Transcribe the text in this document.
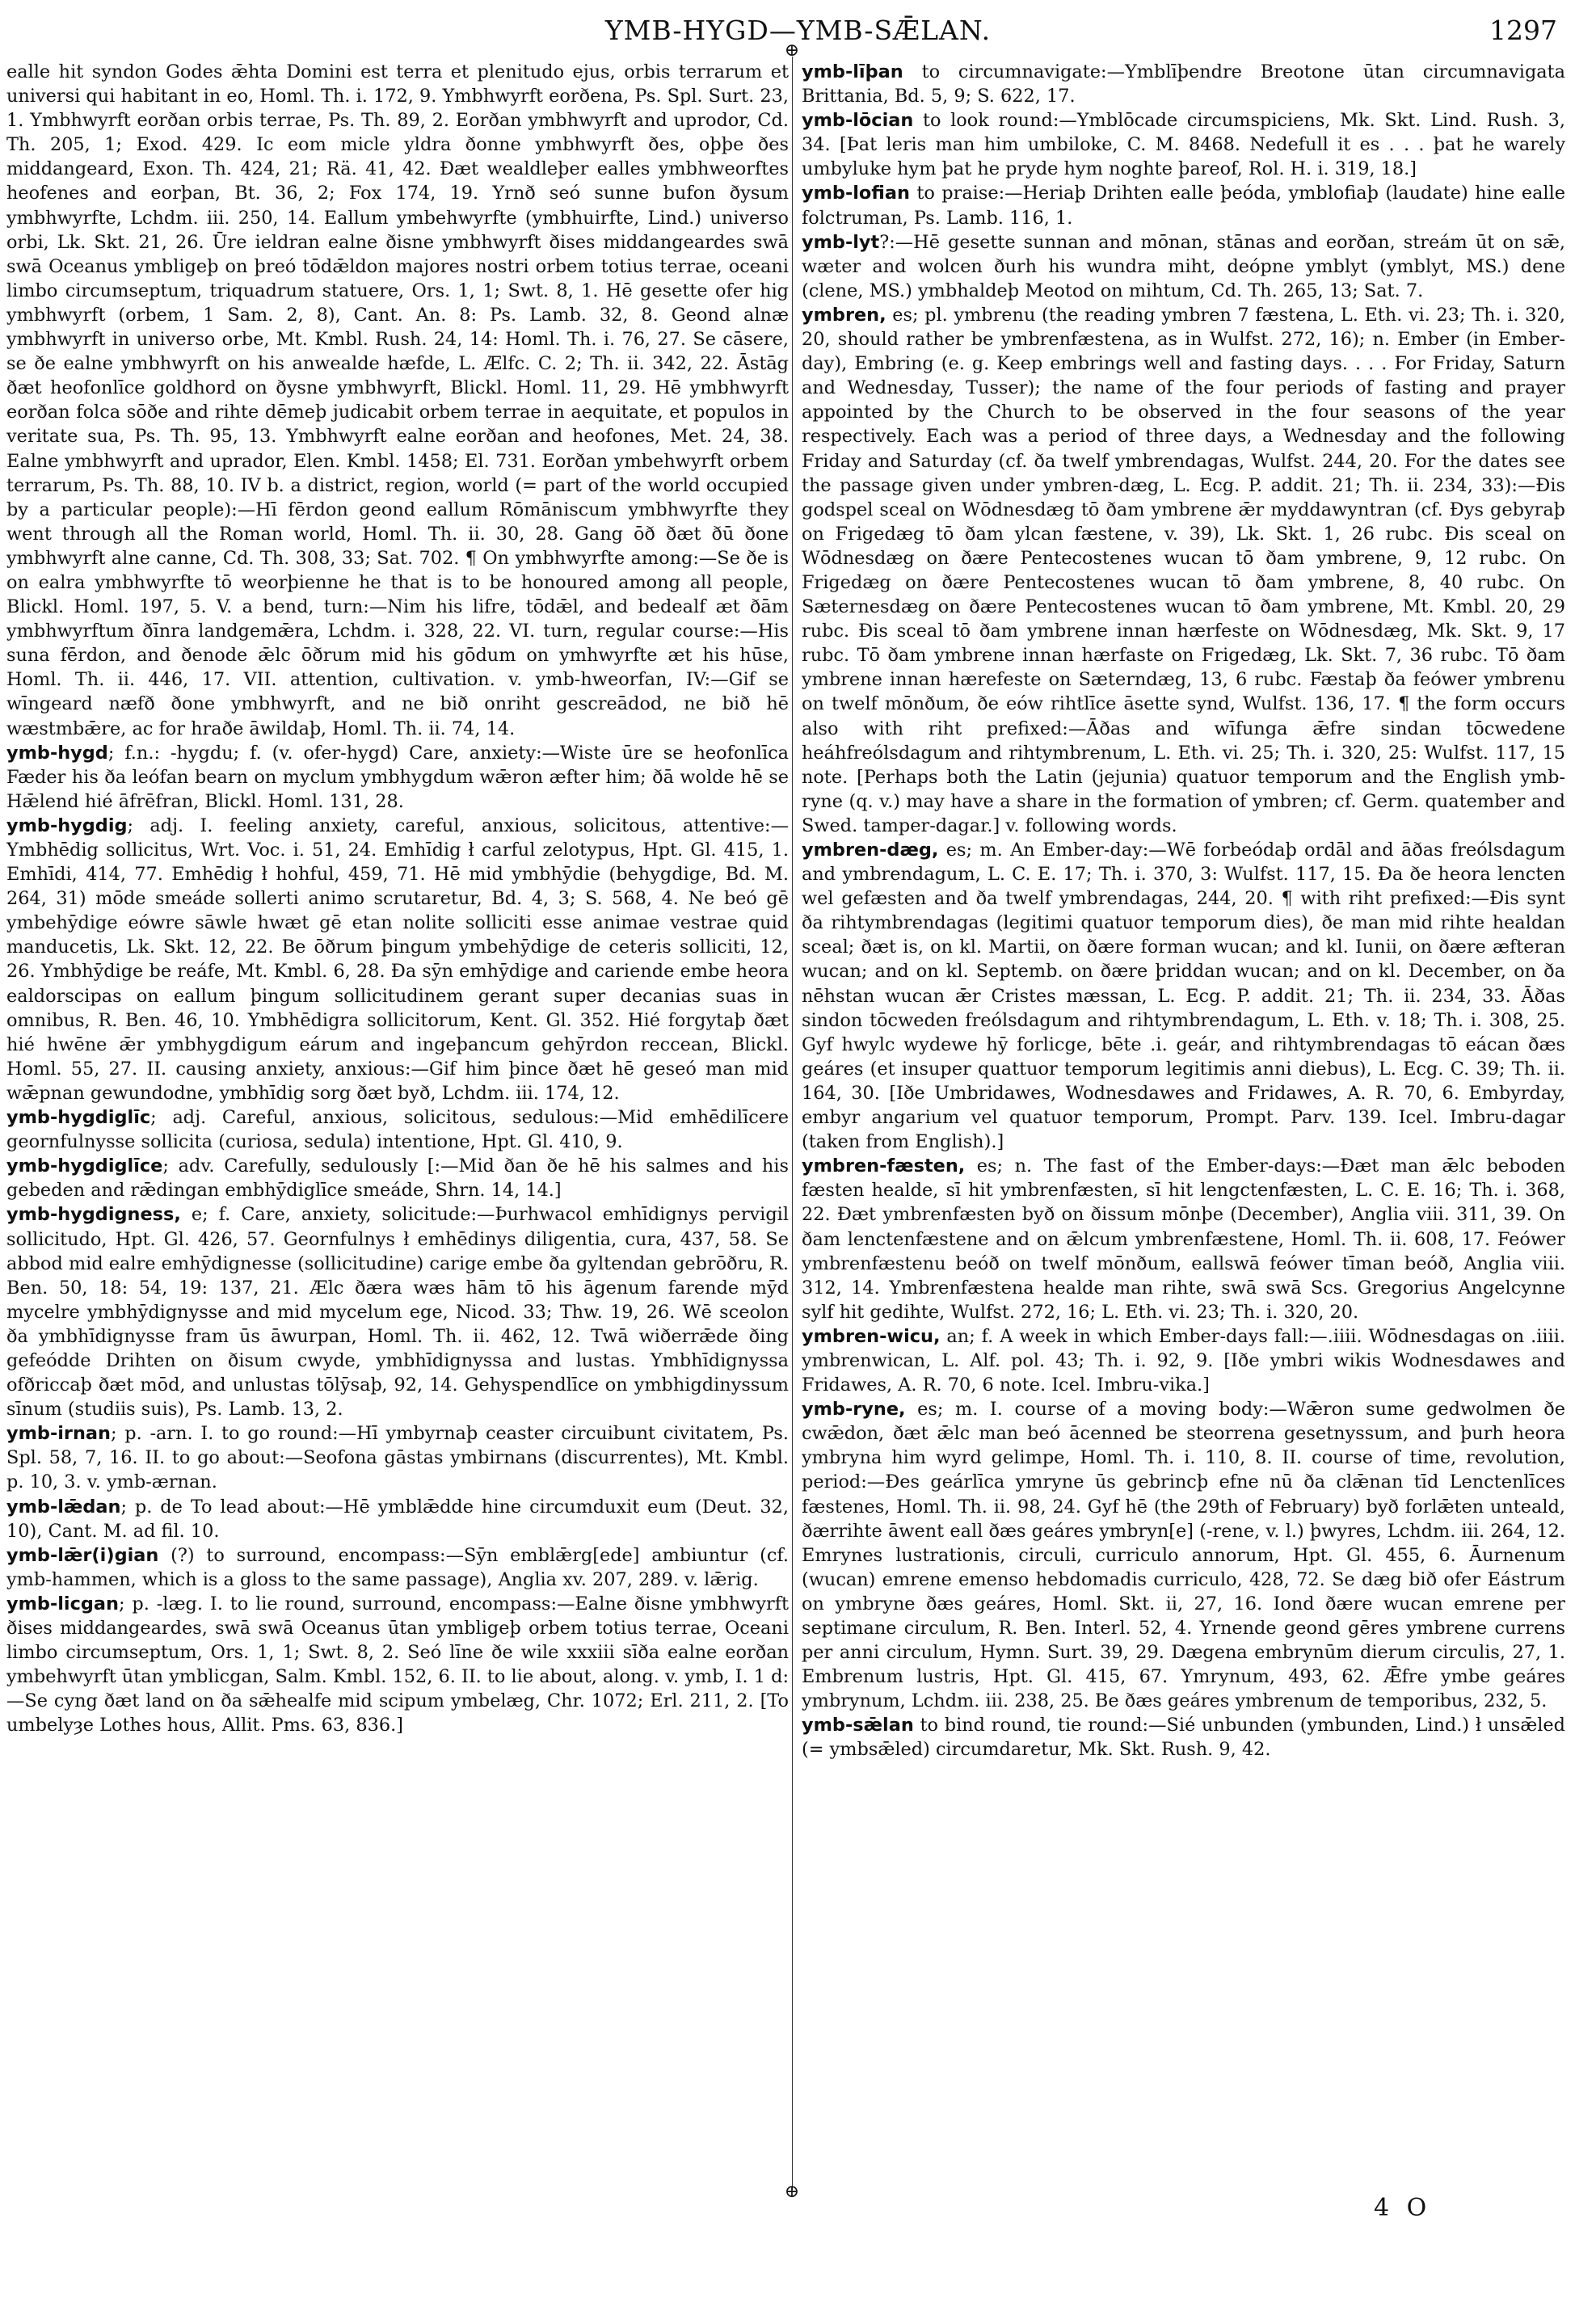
YMB-HYGD—YMB-SǢLAN.	1297
⊕
⊕

ealle hit syndon Godes ǣhta Domini est terra et plenitudo ejus, orbis terrarum et universi qui habitant in eo, Homl. Th. i. 172, 9. Ymbhwyrft eorðena, Ps. Spl. Surt. 23, 1. Ymbhwyrft eorðan orbis terrae, Ps. Th. 89, 2. Eorðan ymbhwyrft and uprodor, Cd. Th. 205, 1; Exod. 429. Ic eom micle yldra ðonne ymbhwyrft ðes, oþþe ðes middangeard, Exon. Th. 424, 21; Rä. 41, 42. Ðæt wealdleþer ealles ymbhweorftes heofenes and eorþan, Bt. 36, 2; Fox 174, 19. Yrnð seó sunne bufon ðysum ymbhwyrfte, Lchdm. iii. 250, 14. Eallum ymbehwyrfte (ymbhuirfte, Lind.) universo orbi, Lk. Skt. 21, 26. Ūre ieldran ealne ðisne ymbhwyrft ðises middangeardes swā swā Oceanus ymbligeþ on þreó tōdǣldon majores nostri orbem totius terrae, oceani limbo circumseptum, triquadrum statuere, Ors. 1, 1; Swt. 8, 1. Hē gesette ofer hig ymbhwyrft (orbem, 1 Sam. 2, 8), Cant. An. 8: Ps. Lamb. 32, 8. Geond alnæ ymbhwyrft in universo orbe, Mt. Kmbl. Rush. 24, 14: Homl. Th. i. 76, 27. Se cāsere, se ðe ealne ymbhwyrft on his anwealde hæfde, L. Ælfc. C. 2; Th. ii. 342, 22. Āstāg ðæt heofonlīce goldhord on ðysne ymbhwyrft, Blickl. Homl. 11, 29. Hē ymbhwyrft eorðan folca sōðe and rihte dēmeþ judicabit orbem terrae in aequitate, et populos in veritate sua, Ps. Th. 95, 13. Ymbhwyrft ealne eorðan and heofones, Met. 24, 38. Ealne ymbhwyrft and uprador, Elen. Kmbl. 1458; El. 731. Eorðan ymbehwyrft orbem terrarum, Ps. Th. 88, 10. IV b. a district, region, world (= part of the world occupied by a particular people):—Hī fērdon geond eallum Rōmāniscum ymbhwyrfte they went through all the Roman world, Homl. Th. ii. 30, 28. Gang ōð ðæt ðū ðone ymbhwyrft alne canne, Cd. Th. 308, 33; Sat. 702. ¶ On ymbhwyrfte among:—Se ðe is on ealra ymbhwyrfte tō weorþienne he that is to be honoured among all people, Blickl. Homl. 197, 5. V. a bend, turn:—Nim his lifre, tōdǣl, and bedealf æt ðām ymbhwyrftum ðīnra landgemǣra, Lchdm. i. 328, 22. VI. turn, regular course:—His suna fērdon, and ðenode ǣlc ōðrum mid his gōdum on ymhwyrfte æt his hūse, Homl. Th. ii. 446, 17. VII. attention, cultivation. v. ymb-hweorfan, IV:—Gif se wīngeard næfð ðone ymbhwyrft, and ne bið onriht gescreādod, ne bið hē wæstmbǣre, ac for hraðe āwildaþ, Homl. Th. ii. 74, 14.

ymb-hygd; f.n.: -hygdu; f. (v. ofer-hygd) Care, anxiety:—Wiste ūre se heofonlīca Fæder his ða leófan bearn on myclum ymbhygdum wǣron æfter him; ðā wolde hē se Hǣlend hié āfrēfran, Blickl. Homl. 131, 28.

ymb-hygdig; adj. I. feeling anxiety, careful, anxious, solicitous, attentive:—Ymbhēdig sollicitus, Wrt. Voc. i. 51, 24. Emhīdig ł carful zelotypus, Hpt. Gl. 415, 1. Emhīdi, 414, 77. Emhēdig ł hohful, 459, 71. Hē mid ymbhȳdie (behygdige, Bd. M. 264, 31) mōde smeáde sollerti animo scrutaretur, Bd. 4, 3; S. 568, 4. Ne beó gē ymbehȳdige eówre sāwle hwæt gē etan nolite solliciti esse animae vestrae quid manducetis, Lk. Skt. 12, 22. Be ōðrum þingum ymbehȳdige de ceteris solliciti, 12, 26. Ymbhȳdige be reáfe, Mt. Kmbl. 6, 28. Ða sȳn emhȳdige and cariende embe heora ealdorscipas on eallum þingum sollicitudinem gerant super decanias suas in omnibus, R. Ben. 46, 10. Ymbhēdigra sollicitorum, Kent. Gl. 352. Hié forgytaþ ðæt hié hwēne ǣr ymbhygdigum eárum and ingeþancum gehȳrdon reccean, Blickl. Homl. 55, 27. II. causing anxiety, anxious:—Gif him þince ðæt hē geseó man mid wǣpnan gewundodne, ymbhīdig sorg ðæt byð, Lchdm. iii. 174, 12.

ymb-hygdiglīc; adj. Careful, anxious, solicitous, sedulous:—Mid emhēdilīcere geornfulnysse sollicita (curiosa, sedula) intentione, Hpt. Gl. 410, 9.

ymb-hygdiglīce; adv. Carefully, sedulously [:—Mid ðan ðe hē his salmes and his gebeden and rǣdingan embhȳdiglīce smeáde, Shrn. 14, 14.]

ymb-hygdigness, e; f. Care, anxiety, solicitude:—Þurhwacol emhīdignys pervigil sollicitudo, Hpt. Gl. 426, 57. Geornfulnys ł emhēdinys diligentia, cura, 437, 58. Se abbod mid ealre emhȳdignesse (sollicitudine) carige embe ða gyltendan gebrōðru, R. Ben. 50, 18: 54, 19: 137, 21. Ælc ðæra wæs hām tō his āgenum farende mȳd mycelre ymbhȳdignysse and mid mycelum ege, Nicod. 33; Thw. 19, 26. Wē sceolon ða ymbhīdignysse fram ūs āwurpan, Homl. Th. ii. 462, 12. Twā wiðerrǣde ðing gefeódde Drihten on ðisum cwyde, ymbhīdignyssa and lustas. Ymbhīdignyssa ofðriccaþ ðæt mōd, and unlustas tōlȳsaþ, 92, 14. Gehyspendlīce on ymbhigdinyssum sīnum (studiis suis), Ps. Lamb. 13, 2.

ymb-irnan; p. -arn. I. to go round:—Hī ymbyrnaþ ceaster circuibunt civitatem, Ps. Spl. 58, 7, 16. II. to go about:—Seofona gāstas ymbirnans (discurrentes), Mt. Kmbl. p. 10, 3. v. ymb-ærnan.

ymb-lǣdan; p. de To lead about:—Hē ymblǣdde hine circumduxit eum (Deut. 32, 10), Cant. M. ad fil. 10.

ymb-lǣr(i)gian (?) to surround, encompass:—Sȳn emblǣrg[ede] ambiuntur (cf. ymb-hammen, which is a gloss to the same passage), Anglia xv. 207, 289. v. lǣrig.

ymb-licgan; p. -læg. I. to lie round, surround, encompass:—Ealne ðisne ymbhwyrft ðises middangeardes, swā swā Oceanus ūtan ymbligeþ orbem totius terrae, Oceani limbo circumseptum, Ors. 1, 1; Swt. 8, 2. Seó līne ðe wile xxxiii sīða ealne eorðan ymbehwyrft ūtan ymblicgan, Salm. Kmbl. 152, 6. II. to lie about, along. v. ymb, I. 1 d:—Se cyng ðæt land on ða sǣhealfe mid scipum ymbelæg, Chr. 1072; Erl. 211, 2. [To umbelyȝe Lothes hous, Allit. Pms. 63, 836.]

ymb-līþan to circumnavigate:—Ymblīþendre Breotone ūtan circumnavigata Brittania, Bd. 5, 9; S. 622, 17.

ymb-lōcian to look round:—Ymblōcade circumspiciens, Mk. Skt. Lind. Rush. 3, 34. [Þat leris man him umbiloke, C. M. 8468. Nedefull it es . . . þat he warely umbyluke hym þat he pryde hym noghte þareof, Rol. H. i. 319, 18.]

ymb-lofian to praise:—Heriaþ Drihten ealle þeóda, ymblofiaþ (laudate) hine ealle folctruman, Ps. Lamb. 116, 1.

ymb-lyt?:—Hē gesette sunnan and mōnan, stānas and eorðan, streám ūt on sǣ, wæter and wolcen ðurh his wundra miht, deópne ymblyt (ymblyt, MS.) dene (clene, MS.) ymbhaldeþ Meotod on mihtum, Cd. Th. 265, 13; Sat. 7.

ymbren, es; pl. ymbrenu (the reading ymbren 7 fæstena, L. Eth. vi. 23; Th. i. 320, 20, should rather be ymbrenfæstena, as in Wulfst. 272, 16); n. Ember (in Ember-day), Embring (e. g. Keep embrings well and fasting days. . . . For Friday, Saturn and Wednesday, Tusser); the name of the four periods of fasting and prayer appointed by the Church to be observed in the four seasons of the year respectively. Each was a period of three days, a Wednesday and the following Friday and Saturday (cf. ða twelf ymbrendagas, Wulfst. 244, 20. For the dates see the passage given under ymbren-dæg, L. Ecg. P. addit. 21; Th. ii. 234, 33):—Ðis godspel sceal on Wōdnesdæg tō ðam ymbrene ǣr myddawyntran (cf. Ðys gebyraþ on Frigedæg tō ðam ylcan fæstene, v. 39), Lk. Skt. 1, 26 rubc. Ðis sceal on Wōdnesdæg on ðære Pentecostenes wucan tō ðam ymbrene, 9, 12 rubc. On Frigedæg on ðære Pentecostenes wucan tō ðam ymbrene, 8, 40 rubc. On Sæternesdæg on ðære Pentecostenes wucan tō ðam ymbrene, Mt. Kmbl. 20, 29 rubc. Ðis sceal tō ðam ymbrene innan hærfeste on Wōdnesdæg, Mk. Skt. 9, 17 rubc. Tō ðam ymbrene innan hærfaste on Frigedæg, Lk. Skt. 7, 36 rubc. Tō ðam ymbrene innan hærefeste on Sæterndæg, 13, 6 rubc. Fæstaþ ða feówer ymbrenu on twelf mōnðum, ðe eów rihtlīce āsette synd, Wulfst. 136, 17. ¶ the form occurs also with riht prefixed:—Āðas and wīfunga ǣfre sindan tōcwedene heáhfreólsdagum and rihtymbrenum, L. Eth. vi. 25; Th. i. 320, 25: Wulfst. 117, 15 note. [Perhaps both the Latin (jejunia) quatuor temporum and the English ymb-ryne (q. v.) may have a share in the formation of ymbren; cf. Germ. quatember and Swed. tamper-dagar.] v. following words.

ymbren-dæg, es; m. An Ember-day:—Wē forbeódaþ ordāl and āðas freólsdagum and ymbrendagum, L. C. E. 17; Th. i. 370, 3: Wulfst. 117, 15. Ða ðe heora lencten wel gefæsten and ða twelf ymbrendagas, 244, 20. ¶ with riht prefixed:—Ðis synt ða rihtymbrendagas (legitimi quatuor temporum dies), ðe man mid rihte healdan sceal; ðæt is, on kl. Martii, on ðære forman wucan; and kl. Iunii, on ðære æfteran wucan; and on kl. Septemb. on ðære þriddan wucan; and on kl. December, on ða nēhstan wucan ǣr Cristes mæssan, L. Ecg. P. addit. 21; Th. ii. 234, 33. Āðas sindon tōcweden freólsdagum and rihtymbrendagum, L. Eth. v. 18; Th. i. 308, 25. Gyf hwylc wydewe hȳ forlicge, bēte .i. geár, and rihtymbrendagas tō eácan ðæs geáres (et insuper quattuor temporum legitimis anni diebus), L. Ecg. C. 39; Th. ii. 164, 30. [Iðe Umbridawes, Wodnesdawes and Fridawes, A. R. 70, 6. Embyrday, embyr angarium vel quatuor temporum, Prompt. Parv. 139. Icel. Imbru-dagar (taken from English).]

ymbren-fæsten, es; n. The fast of the Ember-days:—Ðæt man ǣlc beboden fæsten healde, sī hit ymbrenfæsten, sī hit lengctenfæsten, L. C. E. 16; Th. i. 368, 22. Ðæt ymbrenfæsten byð on ðissum mōnþe (December), Anglia viii. 311, 39. On ðam lenctenfæstene and on ǣlcum ymbrenfæstene, Homl. Th. ii. 608, 17. Feówer ymbrenfæstenu beóð on twelf mōnðum, eallswā feówer tīman beóð, Anglia viii. 312, 14. Ymbrenfæstena healde man rihte, swā swā Scs. Gregorius Angelcynne sylf hit gedihte, Wulfst. 272, 16; L. Eth. vi. 23; Th. i. 320, 20.

ymbren-wicu, an; f. A week in which Ember-days fall:—.iiii. Wōdnesdagas on .iiii. ymbrenwican, L. Alf. pol. 43; Th. i. 92, 9. [Iðe ymbri wikis Wodnesdawes and Fridawes, A. R. 70, 6 note. Icel. Imbru-vika.]

ymb-ryne, es; m. I. course of a moving body:—Wǣron sume gedwolmen ðe cwǣdon, ðæt ǣlc man beó ācenned be steorrena gesetnyssum, and þurh heora ymbryna him wyrd gelimpe, Homl. Th. i. 110, 8. II. course of time, revolution, period:—Ðes geárlīca ymryne ūs gebrincþ efne nū ða clǣnan tīd Lenctenlīces fæstenes, Homl. Th. ii. 98, 24. Gyf hē (the 29th of February) byð forlǣten unteald, ðærrihte āwent eall ðæs geáres ymbryn[e] (-rene, v. l.) þwyres, Lchdm. iii. 264, 12. Emrynes lustrationis, circuli, curriculo annorum, Hpt. Gl. 455, 6. Āurnenum (wucan) emrene emenso hebdomadis curriculo, 428, 72. Se dæg bið ofer Eástrum on ymbryne ðæs geáres, Homl. Skt. ii, 27, 16. Iond ðære wucan emrene per septimane circulum, R. Ben. Interl. 52, 4. Yrnende geond gēres ymbrene currens per anni circulum, Hymn. Surt. 39, 29. Dægena embrynūm dierum circulis, 27, 1. Embrenum lustris, Hpt. Gl. 415, 67. Ymrynum, 493, 62. Ǣfre ymbe geáres ymbrynum, Lchdm. iii. 238, 25. Be ðæs geáres ymbrenum de temporibus, 232, 5.

ymb-sǣlan to bind round, tie round:—Sié unbunden (ymbunden, Lind.) ł unsǣled (= ymbsǣled) circumdaretur, Mk. Skt. Rush. 9, 42.

4 O
